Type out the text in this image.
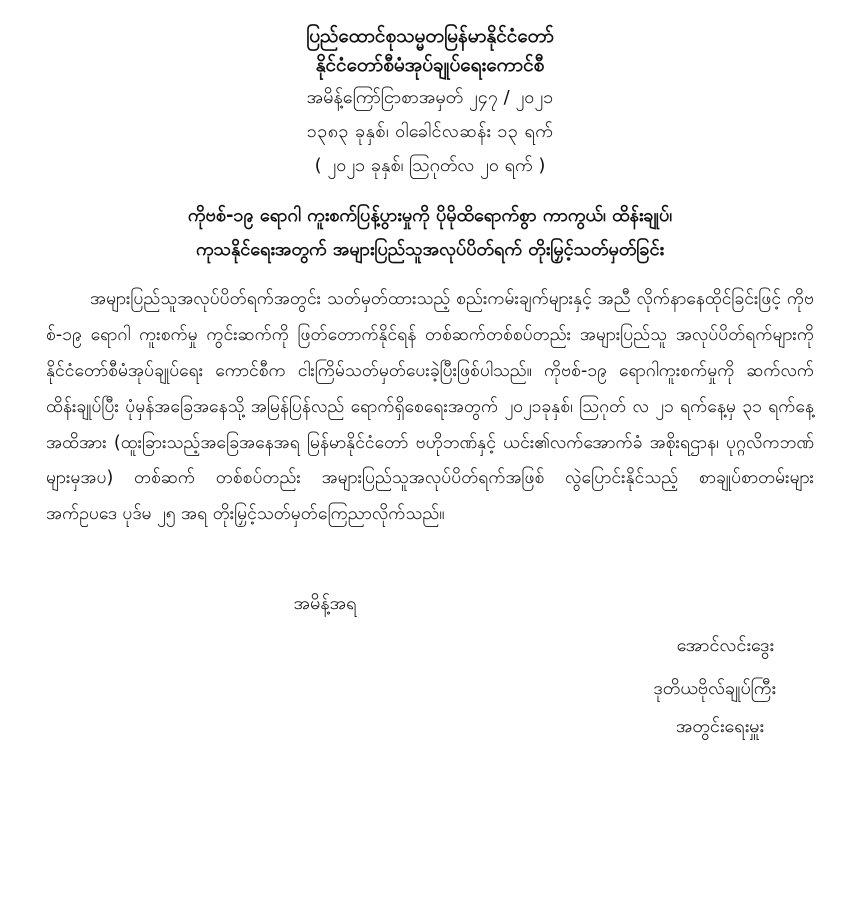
ပြည်ထောင်စုသမ္မတမြန်မာနိုင်ငံတော်
နိုင်ငံတော်စီမံအုပ်ချုပ်ရေးကောင်စီ
အမိန့်ကြော်ငြာစာအမှတ် ၂၄၇ / ၂၀၂၁
၁၃၈၃ ခုနှစ်၊ ဝါခေါင်လဆန်း ၁၃ ရက်
( ၂၀၂၁ ခုနှစ်၊ သြဂုတ်လ ၂၀ ရက် )
ကိုဗစ်-၁၉ ရောဂါ ကူးစက်ပြန့်ပွားမှုကို ပိုမိုထိရောက်စွာ ကာကွယ်၊ ထိန်းချုပ်၊
ကုသနိုင်ရေးအတွက် အများပြည်သူအလုပ်ပိတ်ရက် တိုးမြှင့်သတ်မှတ်ခြင်း
အများပြည်သူအလုပ်ပိတ်ရက်အတွင်း သတ်မှတ်ထားသည့် စည်းကမ်းချက်များနှင့် အညီ လိုက်နာနေထိုင်ခြင်းဖြင့် ကိုဗစ်-၁၉ ရောဂါ ကူးစက်မှု ကွင်းဆက်ကို ဖြတ်တောက်နိုင်ရန် တစ်ဆက်တစ်စပ်တည်း အများပြည်သူ အလုပ်ပိတ်ရက်များကို နိုင်ငံတော်စီမံအုပ်ချုပ်ရေး ကောင်စီက ငါးကြိမ်သတ်မှတ်ပေးခဲ့ပြီးဖြစ်ပါသည်။ ကိုဗစ်-၁၉ ရောဂါကူးစက်မှုကို ဆက်လက် ထိန်းချုပ်ပြီး ပုံမှန်အခြေအနေသို့ အမြန်ပြန်လည် ရောက်ရှိစေရေးအတွက် ၂၀၂၁ခုနှစ်၊ သြဂုတ် လ ၂၁ ရက်နေ့မှ ၃၁ ရက်နေ့အထိအား (ထူးခြားသည့်အခြေအနေအရ မြန်မာနိုင်ငံတော် ဗဟိုဘဏ်နှင့် ယင်း၏လက်အောက်ခံ အစိုးရဌာန၊ ပုဂ္ဂလိကဘဏ်များမှအပ) တစ်ဆက် တစ်စပ်တည်း အများပြည်သူအလုပ်ပိတ်ရက်အဖြစ် လွဲပြောင်းနိုင်သည့် စာချုပ်စာတမ်းများ အက်ဥပဒေ ပုဒ်မ ၂၅ အရ တိုးမြှင့်သတ်မှတ်ကြေညာလိုက်သည်။
အမိန့်အရ
အောင်လင်းဒွေး
ဒုတိယဗိုလ်ချုပ်ကြီး
အတွင်းရေးမှူး
